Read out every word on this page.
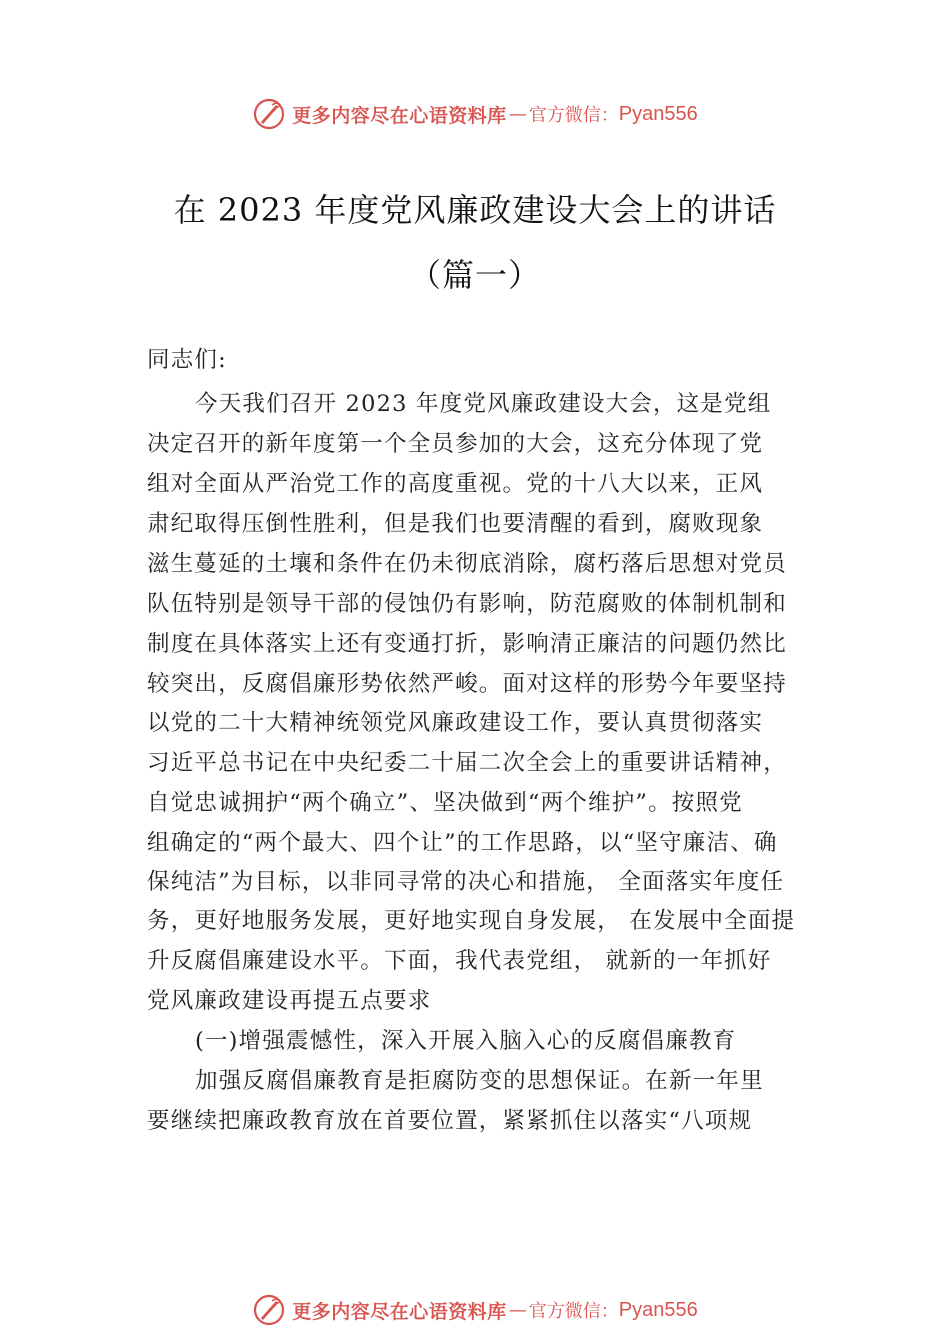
更多内容尽在心语资料库 — 官方微信： Pyan556
在 2023 年度党风廉政建设大会上的讲话
（篇一）
同志们:
今天我们召开 2023 年度党风廉政建设大会，这是党组
决定召开的新年度第一个全员参加的大会，这充分体现了党
组对全面从严治党工作的高度重视。党的十八大以来，正风
肃纪取得压倒性胜利，但是我们也要清醒的看到，腐败现象
滋生蔓延的土壤和条件在仍未彻底消除，腐朽落后思想对党员
队伍特别是领导干部的侵蚀仍有影响，防范腐败的体制机制和
制度在具体落实上还有变通打折，影响清正廉洁的问题仍然比
较突出，反腐倡廉形势依然严峻。面对这样的形势今年要坚持
以党的二十大精神统领党风廉政建设工作，要认真贯彻落实
习近平总书记在中央纪委二十届二次全会上的重要讲话精神，
自觉忠诚拥护“两个确立”、坚决做到“两个维护”。按照党
组确定的“两个最大、四个让”的工作思路，以“坚守廉洁、确
保纯洁”为目标，以非同寻常的决心和措施， 全面落实年度任
务，更好地服务发展，更好地实现自身发展， 在发展中全面提
升反腐倡廉建设水平。下面，我代表党组， 就新的一年抓好
党风廉政建设再提五点要求
(一)增强震憾性，深入开展入脑入心的反腐倡廉教育
加强反腐倡廉教育是拒腐防变的思想保证。在新一年里
要继续把廉政教育放在首要位置，紧紧抓住以落实“八项规
更多内容尽在心语资料库 — 官方微信： Pyan556
